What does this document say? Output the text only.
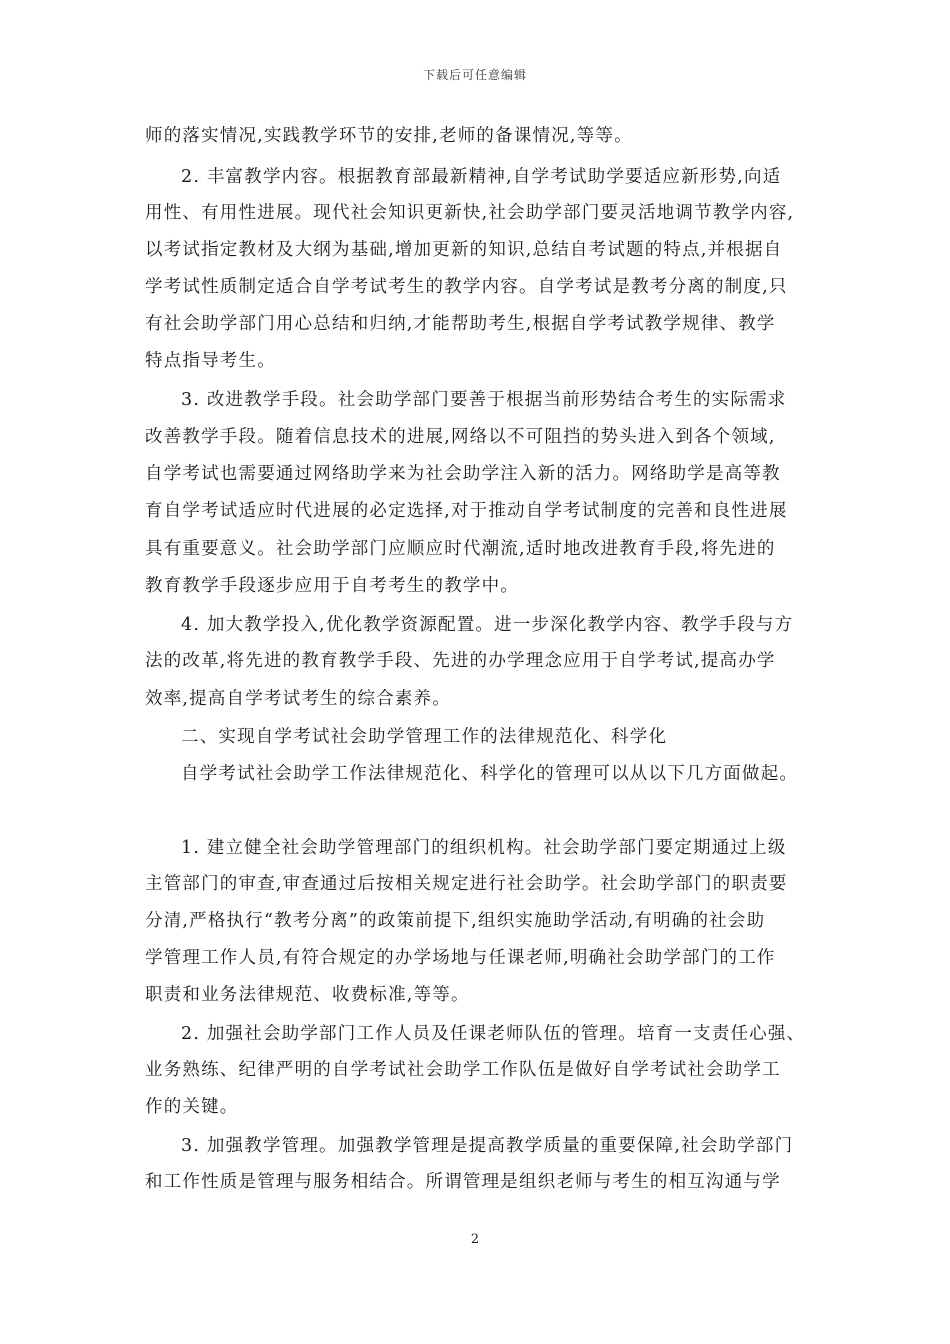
下载后可任意编辑
师的落实情况,实践教学环节的安排,老师的备课情况,等等。
2. 丰富教学内容。根据教育部最新精神,自学考试助学要适应新形势,向适
用性、有用性进展。现代社会知识更新快,社会助学部门要灵活地调节教学内容,
以考试指定教材及大纲为基础,增加更新的知识,总结自考试题的特点,并根据自
学考试性质制定适合自学考试考生的教学内容。自学考试是教考分离的制度,只
有社会助学部门用心总结和归纳,才能帮助考生,根据自学考试教学规律、教学
特点指导考生。
3. 改进教学手段。社会助学部门要善于根据当前形势结合考生的实际需求
改善教学手段。随着信息技术的进展,网络以不可阻挡的势头进入到各个领域,
自学考试也需要通过网络助学来为社会助学注入新的活力。网络助学是高等教
育自学考试适应时代进展的必定选择,对于推动自学考试制度的完善和良性进展
具有重要意义。社会助学部门应顺应时代潮流,适时地改进教育手段,将先进的
教育教学手段逐步应用于自考考生的教学中。
4. 加大教学投入,优化教学资源配置。进一步深化教学内容、教学手段与方
法的改革,将先进的教育教学手段、先进的办学理念应用于自学考试,提高办学
效率,提高自学考试考生的综合素养。
二、实现自学考试社会助学管理工作的法律规范化、科学化
自学考试社会助学工作法律规范化、科学化的管理可以从以下几方面做起。
1. 建立健全社会助学管理部门的组织机构。社会助学部门要定期通过上级
主管部门的审查,审查通过后按相关规定进行社会助学。社会助学部门的职责要
分清,严格执行“教考分离”的政策前提下,组织实施助学活动,有明确的社会助
学管理工作人员,有符合规定的办学场地与任课老师,明确社会助学部门的工作
职责和业务法律规范、收费标准,等等。
2. 加强社会助学部门工作人员及任课老师队伍的管理。培育一支责任心强、
业务熟练、纪律严明的自学考试社会助学工作队伍是做好自学考试社会助学工
作的关键。
3. 加强教学管理。加强教学管理是提高教学质量的重要保障,社会助学部门
和工作性质是管理与服务相结合。所谓管理是组织老师与考生的相互沟通与学
2
